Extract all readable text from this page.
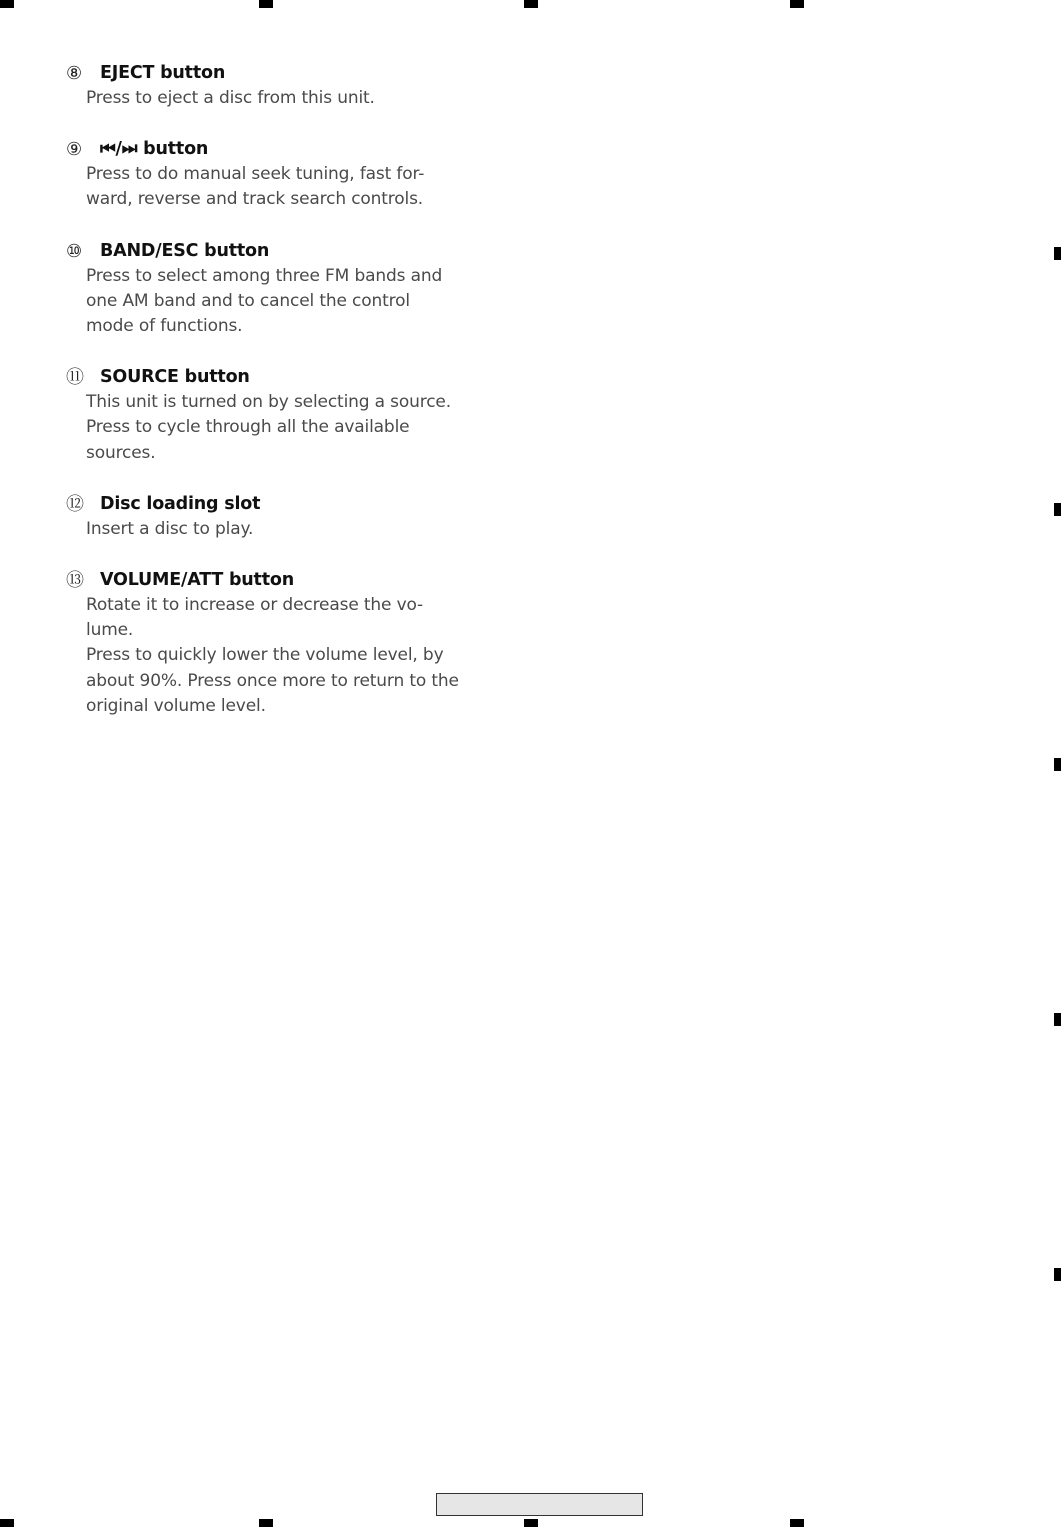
⑧	EJECT button
Press to eject a disc from this unit.
⑨	⏮/⏭ button
Press to do manual seek tuning, fast for-
ward, reverse and track search controls.
⑩	BAND/ESC button
Press to select among three FM bands and
one AM band and to cancel the control
mode of functions.
⑪ SOURCE button
This unit is turned on by selecting a source.
Press to cycle through all the available
sources.
⑫ Disc loading slot
Insert a disc to play.
⑬ VOLUME/ATT button
Rotate it to increase or decrease the vo-
lume.
Press to quickly lower the volume level, by
about 90%. Press once more to return to the
original volume level.
